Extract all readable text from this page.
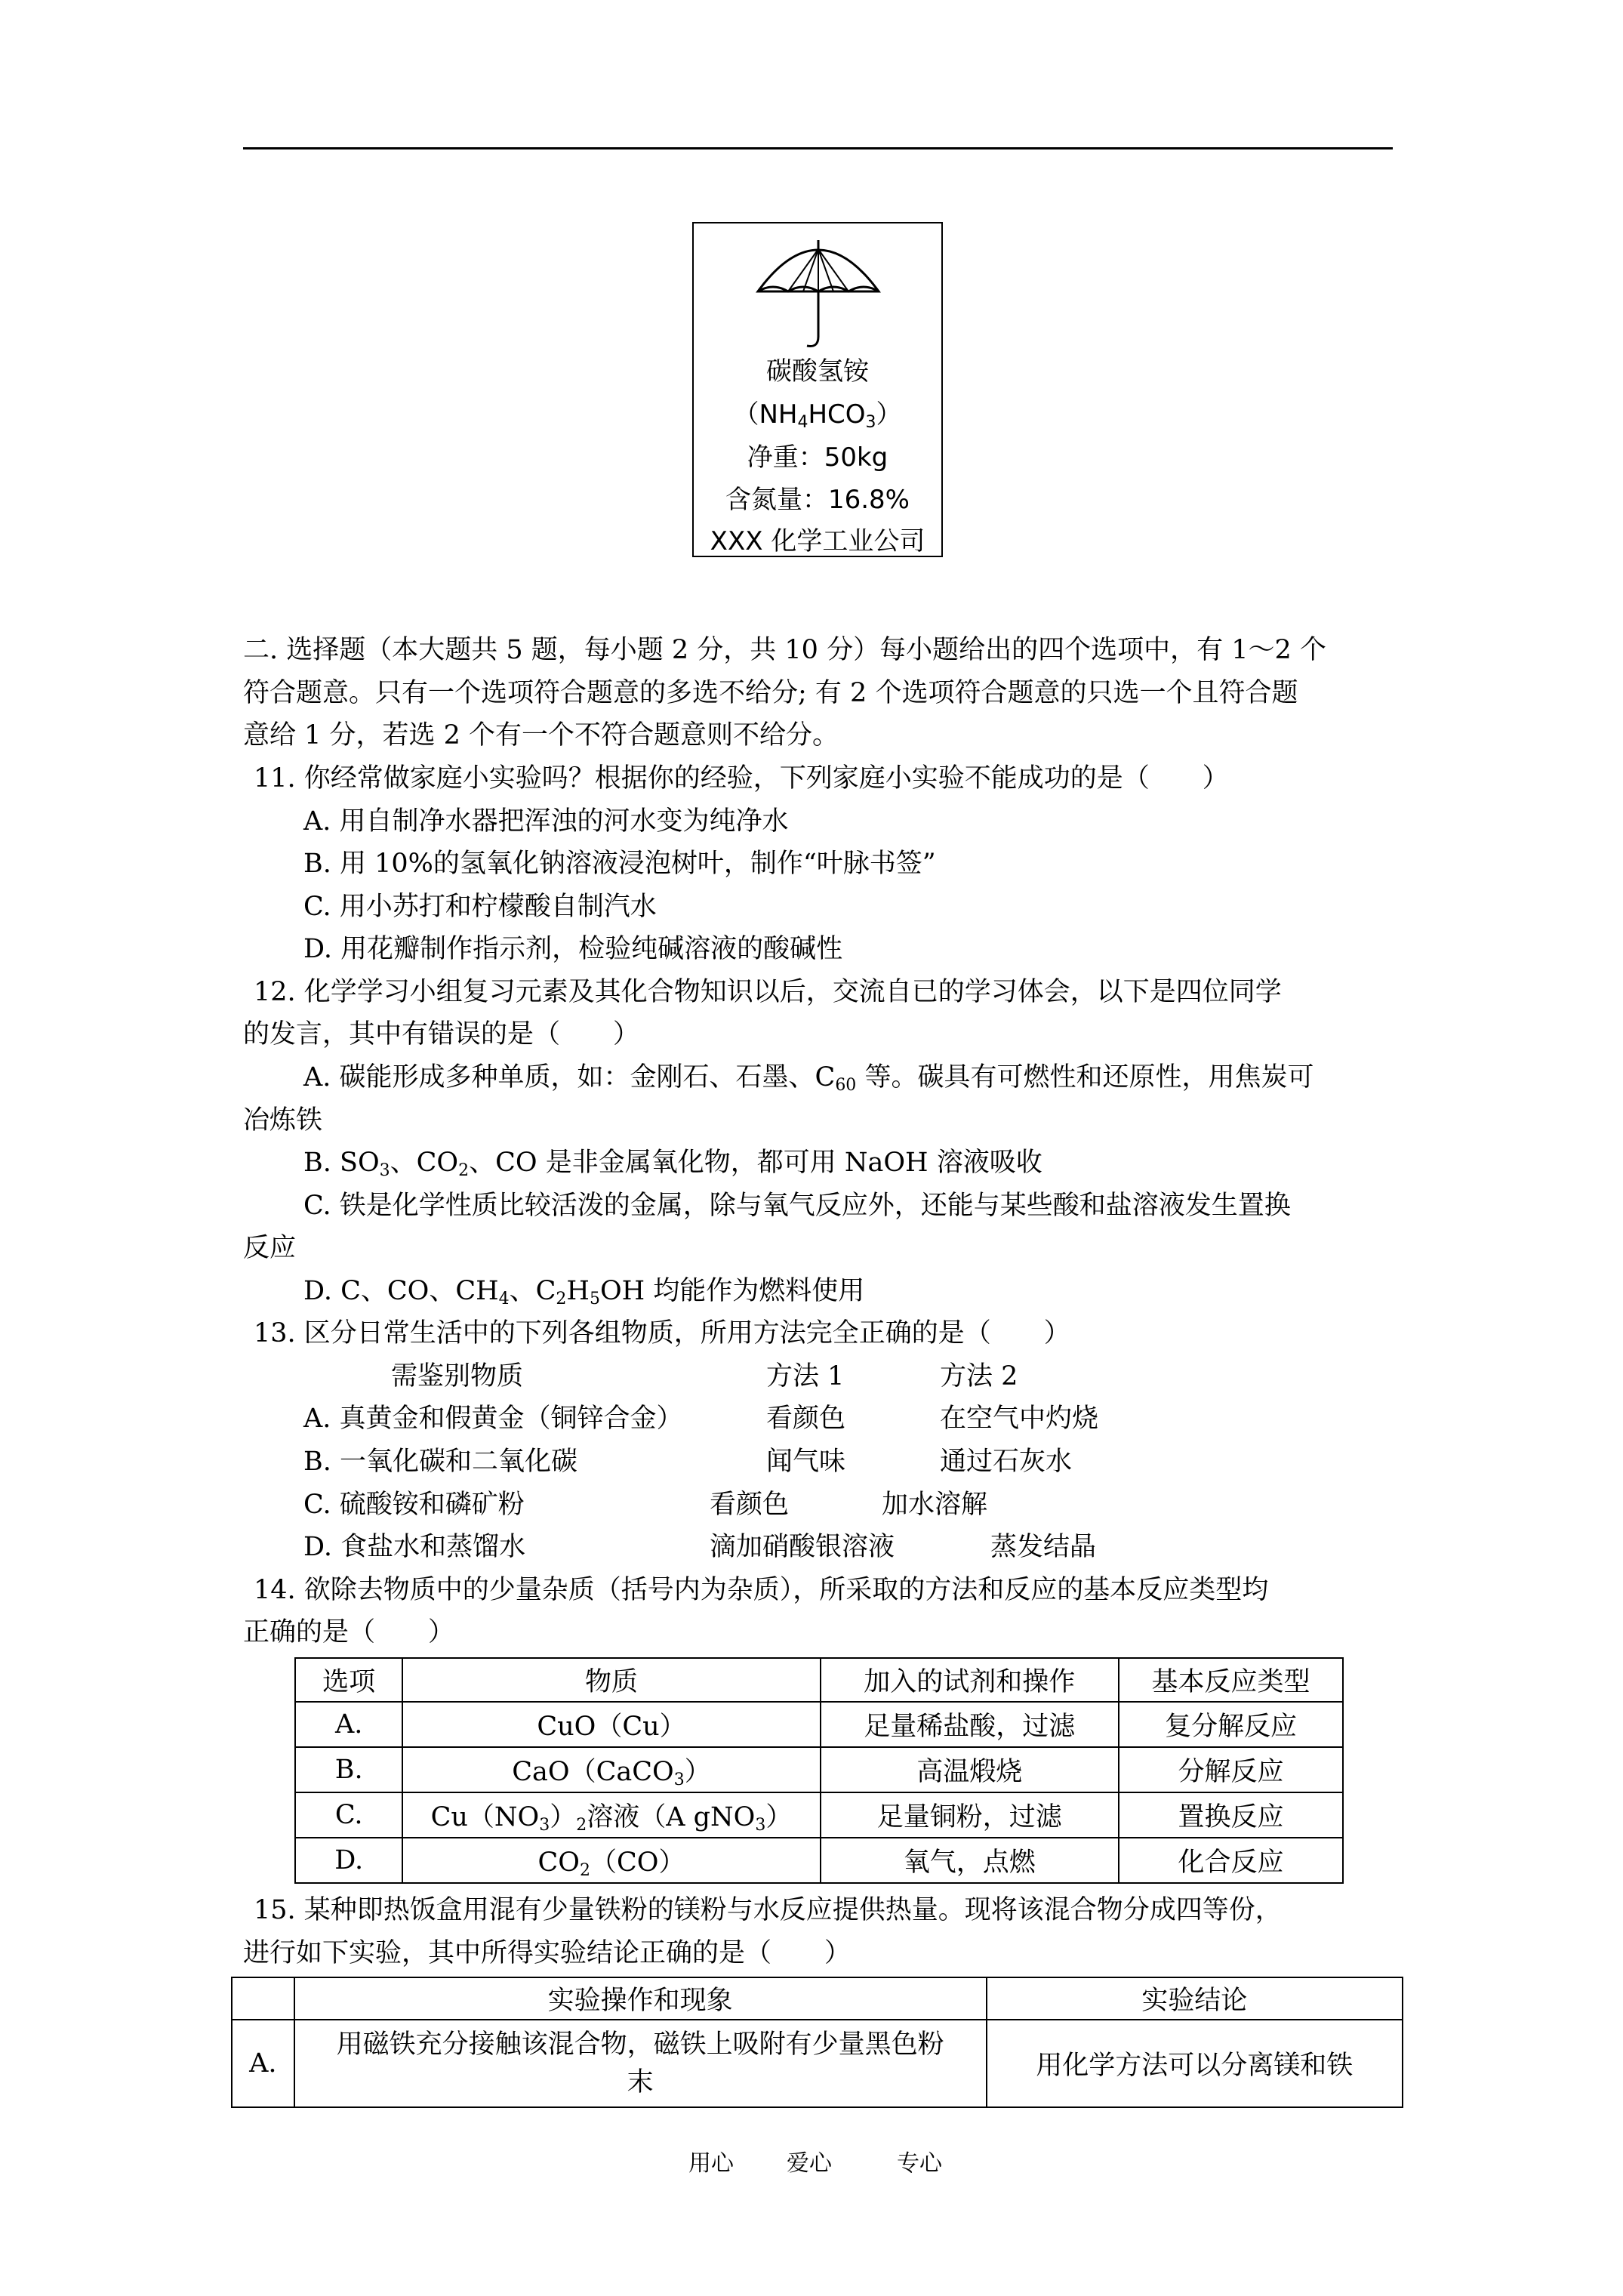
碳酸氢铵
$(NH_4HCO_3)$
净重：50kg
含氮量：16.8%
XXX 化学工业公司
二. 选择题（本大题共 5 题，每小题 2 分，共 10 分）每小题给出的四个选项中，有 1～2 个
符合题意。只有一个选项符合题意的多选不给分; 有 2 个选项符合题意的只选一个且符合题
意给 1 分，若选 2 个有一个不符合题意则不给分。
11. 你经常做家庭小实验吗？根据你的经验，下列家庭小实验不能成功的是（　　）
A. 用自制净水器把浑浊的河水变为纯净水
B. 用 10%的氢氧化钠溶液浸泡树叶，制作“叶脉书签”
C. 用小苏打和柠檬酸自制汽水
D. 用花瓣制作指示剂，检验纯碱溶液的酸碱性
12. 化学学习小组复习元素及其化合物知识以后，交流自已的学习体会，以下是四位同学
的发言，其中有错误的是（　　）
A. 碳能形成多种单质，如：金刚石、石墨、$C_{60}$ 等。碳具有可燃性和还原性，用焦炭可
冶炼铁
B. $SO_3$、$CO_2$、CO 是非金属氧化物，都可用 NaOH 溶液吸收
C. 铁是化学性质比较活泼的金属，除与氧气反应外，还能与某些酸和盐溶液发生置换
反应
D. C、CO、$CH_4$、$C_2H_5OH$ 均能作为燃料使用
13. 区分日常生活中的下列各组物质，所用方法完全正确的是（　　）
需鉴别物质	方法 1	方法 2
A. 真黄金和假黄金（铜锌合金）	看颜色	在空气中灼烧
B. 一氧化碳和二氧化碳	闻气味	通过石灰水
C. 硫酸铵和磷矿粉	看颜色	加水溶解
D. 食盐水和蒸馏水	滴加硝酸银溶液	蒸发结晶
14. 欲除去物质中的少量杂质（括号内为杂质），所采取的方法和反应的基本反应类型均
正确的是（　　）
选项	物质	加入的试剂和操作	基本反应类型
A.	CuO（Cu）	足量稀盐酸，过滤	复分解反应
B.	CaO（CaCO$_3$）	高温煅烧	分解反应
C.	$Cu(NO_3)_2$溶液（A gNO$_3$）	足量铜粉，过滤	置换反应
D.	$CO_2(CO)$	氧气，点燃	化合反应
15. 某种即热饭盒用混有少量铁粉的镁粉与水反应提供热量。现将该混合物分成四等份，
进行如下实验，其中所得实验结论正确的是（　　）
	实验操作和现象	实验结论
A.	用磁铁充分接触该混合物，磁铁上吸附有少量黑色粉
末	用化学方法可以分离镁和铁
用心 爱心	专心
